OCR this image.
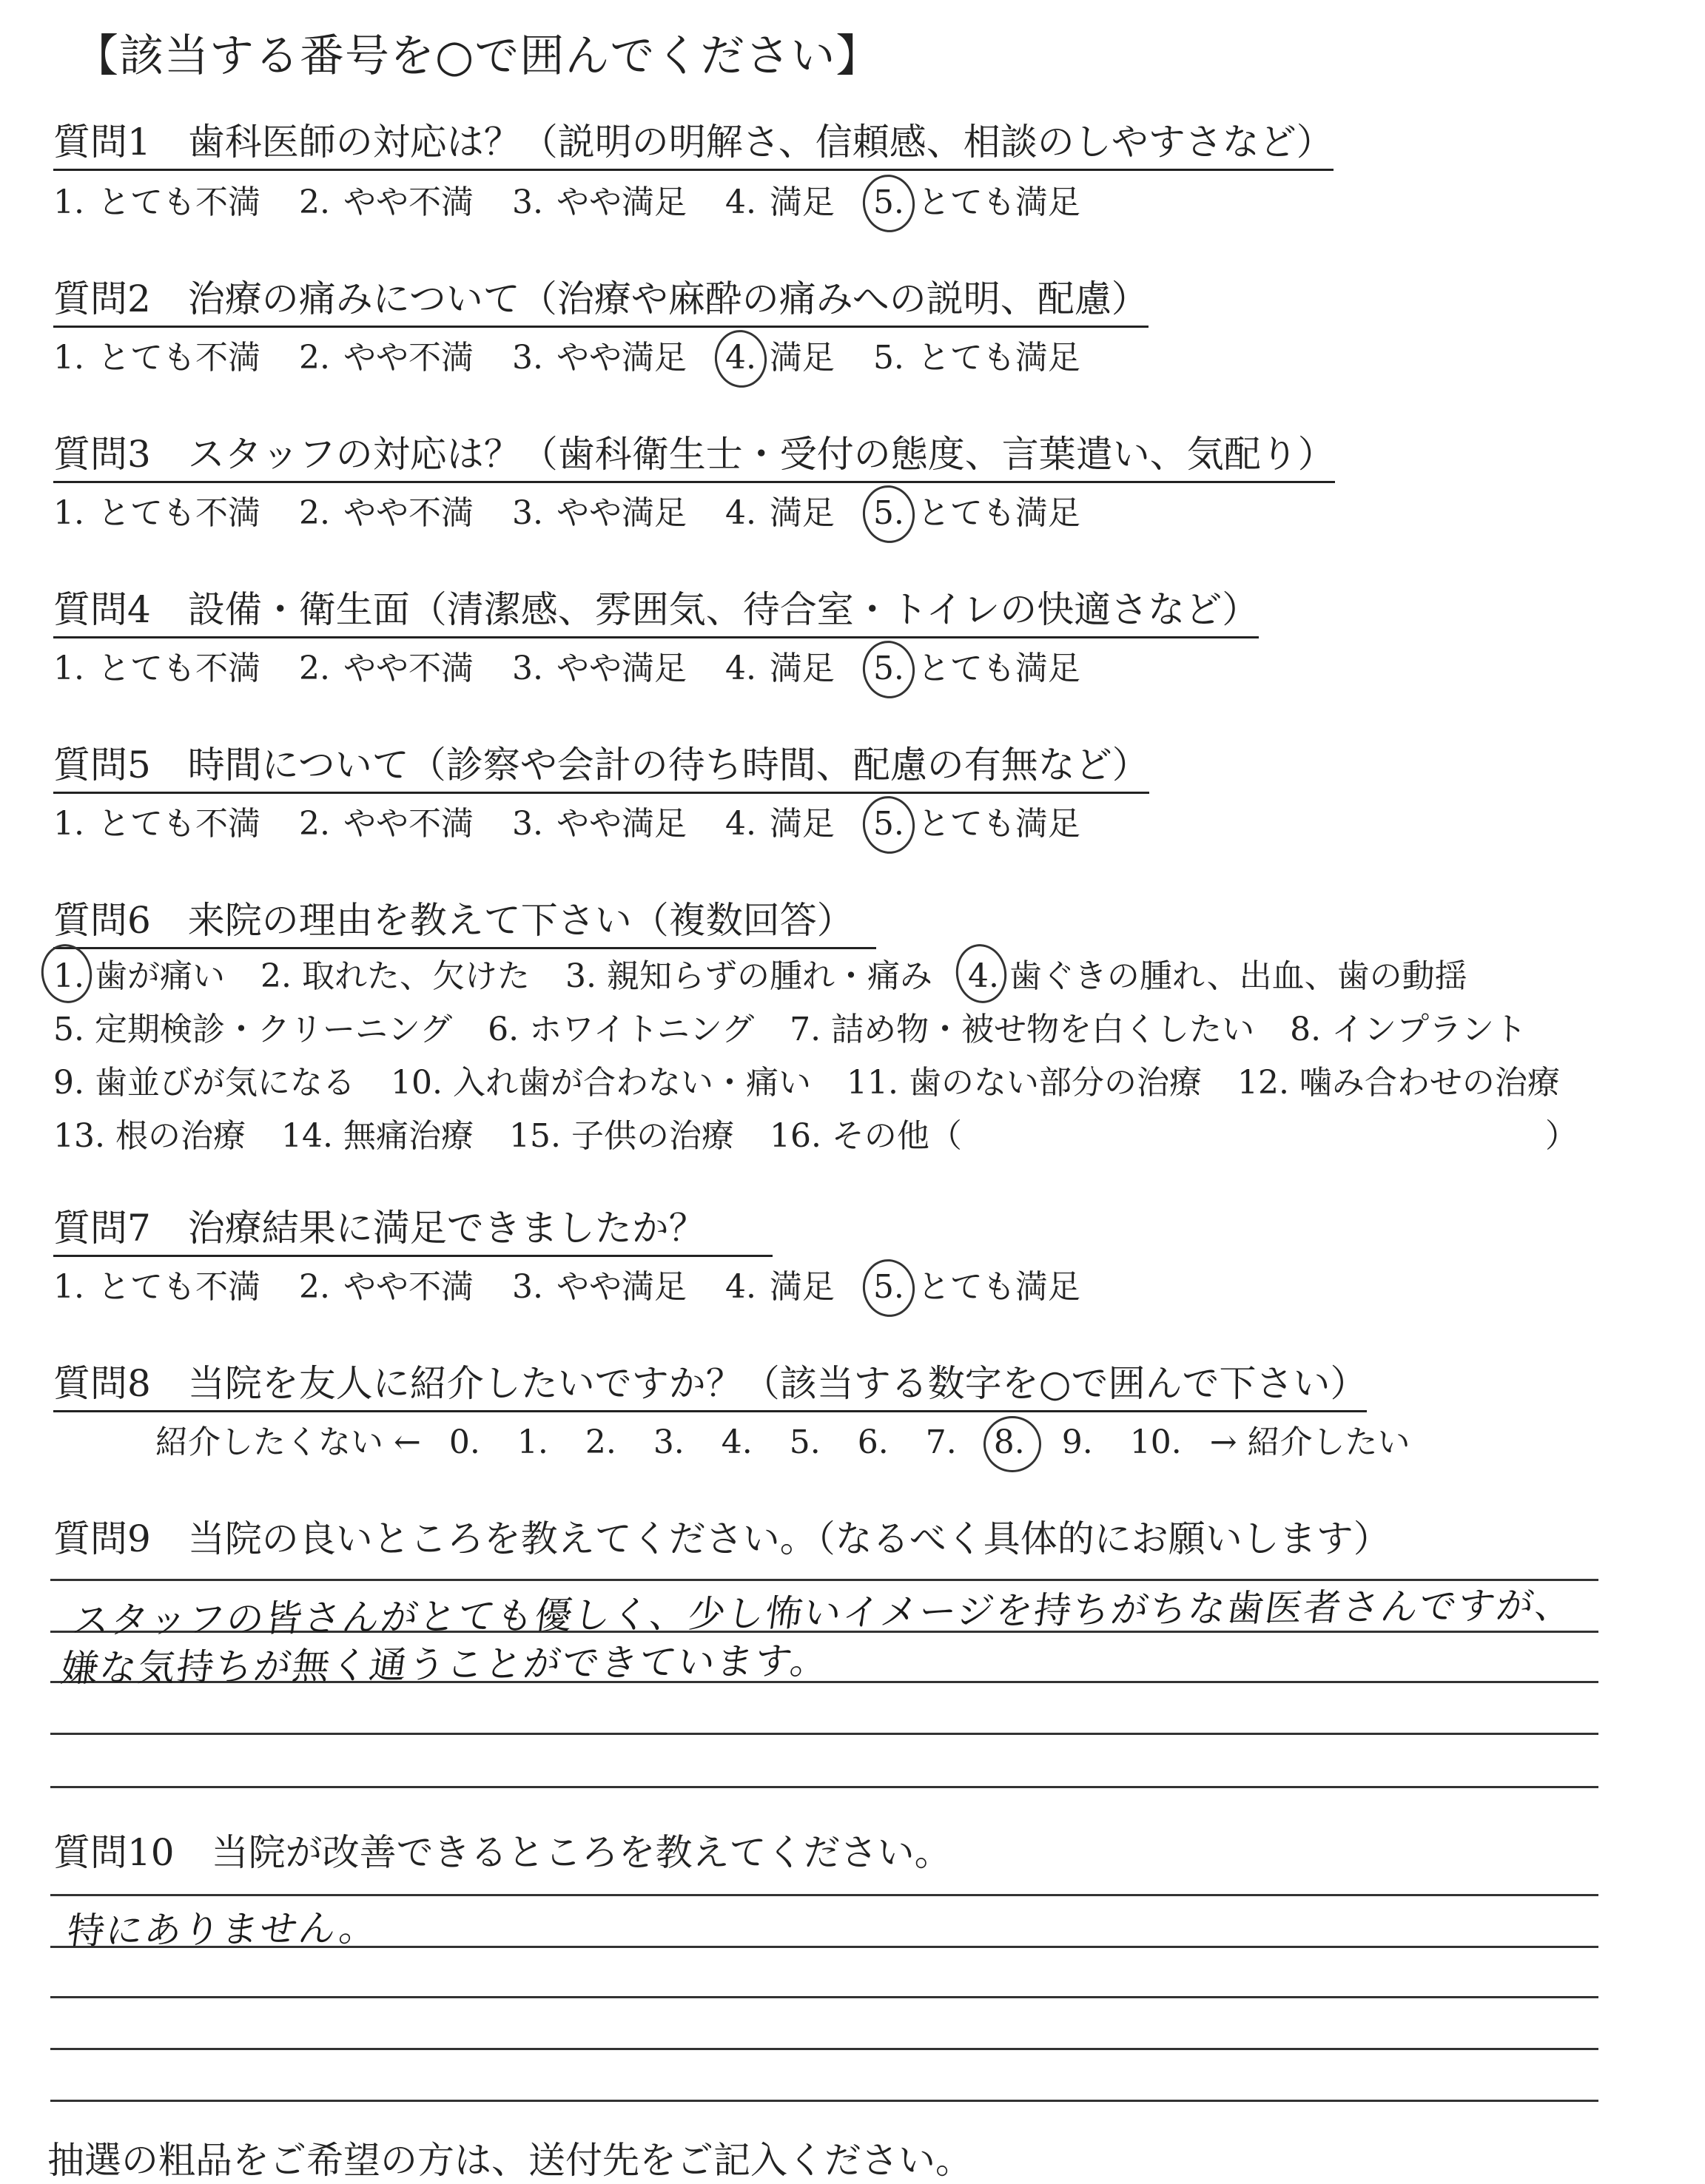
【該当する番号を○で囲んでください】
質問1　歯科医師の対応は？（説明の明解さ、信頼感、相談のしやすさなど）
1. とても不満 2. やや不満 3. やや満足 4. 満足 5. とても満足
質問2　治療の痛みについて（治療や麻酔の痛みへの説明、配慮）
1. とても不満 2. やや不満 3. やや満足 4. 満足 5. とても満足
質問3　スタッフの対応は？（歯科衛生士・受付の態度、言葉遣い、気配り）
1. とても不満 2. やや不満 3. やや満足 4. 満足 5. とても満足
質問4　設備・衛生面（清潔感、雰囲気、待合室・トイレの快適さなど）
1. とても不満 2. やや不満 3. やや満足 4. 満足 5. とても満足
質問5　時間について（診察や会計の待ち時間、配慮の有無など）
1. とても不満 2. やや不満 3. やや満足 4. 満足 5. とても満足
質問6　来院の理由を教えて下さい（複数回答）
1. 歯が痛い 2. 取れた、欠けた 3. 親知らずの腫れ・痛み 4. 歯ぐきの腫れ、出血、歯の動揺
5. 定期検診・クリーニング 6. ホワイトニング 7. 詰め物・被せ物を白くしたい 8. インプラント
9. 歯並びが気になる 10. 入れ歯が合わない・痛い 11. 歯のない部分の治療 12. 噛み合わせの治療
13. 根の治療 14. 無痛治療 15. 子供の治療 16. その他（	）
質問7　治療結果に満足できましたか？
1. とても不満 2. やや不満 3. やや満足 4. 満足 5. とても満足
質問8　当院を友人に紹介したいですか？（該当する数字を○で囲んで下さい）
紹介したくない ← 0. 1. 2. 3. 4. 5. 6. 7. 8. 9. 10. → 紹介したい
質問9　当院の良いところを教えてください。（なるべく具体的にお願いします）
スタッフの皆さんがとても優しく、少し怖いイメージを持ちがちな歯医者さんですが、
嫌な気持ちが無く通うことができています。
質問10　当院が改善できるところを教えてください。
特にありません。
抽選の粗品をご希望の方は、送付先をご記入ください。
